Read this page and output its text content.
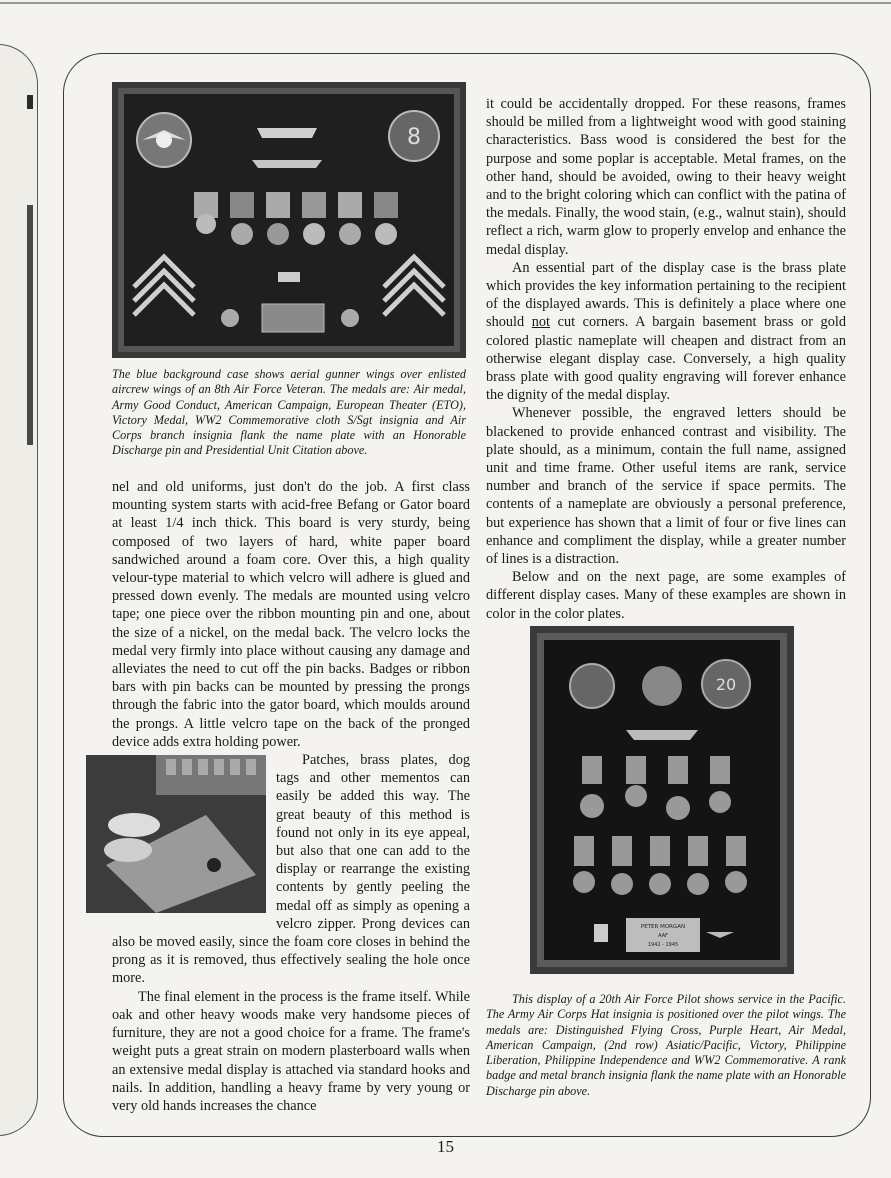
8
The blue background case shows aerial gunner wings over enlisted aircrew wings of an 8th Air Force Veteran. The medals are: Air medal, Army Good Conduct, American Campaign, European Theater (ETO), Victory Medal, WW2 Commemorative cloth S/Sgt insignia and Air Corps branch insignia flank the name plate with an Honorable Discharge pin and Presidential Unit Citation above.

nel and old uniforms, just don't do the job. A first class mounting system starts with acid-free Befang or Gator board at least 1/4 inch thick. This board is very sturdy, being composed of two layers of hard, white paper board sandwiched around a foam core. Over this, a high quality velour-type material to which velcro will adhere is glued and pressed down evenly. The medals are mounted using velcro tape; one piece over the ribbon mounting pin and one, about the size of a nickel, on the medal back. The velcro locks the medal very firmly into place without causing any damage and alleviates the need to cut off the pin backs. Badges or ribbon bars with pin backs can be mounted by pressing the prongs through the fabric into the gator board, which moulds around the prongs. A little velcro tape on the back of the pronged device adds extra holding power.

Patches, brass plates, dog tags and other mementos can easily be added this way. The great beauty of this method is found not only in its eye appeal, but also that one can add to the display or rearrange the existing contents by gently peeling the medal off as simply as opening a velcro zipper. Prong devices can also be moved easily, since the foam core closes in behind the prong as it is removed, thus effectively sealing the hole once more.

The final element in the process is the frame itself. While oak and other heavy woods make very handsome pieces of furniture, they are not a good choice for a frame. The frame's weight puts a great strain on modern plasterboard walls when an extensive medal display is attached via standard hooks and nails. In addition, handling a heavy frame by very young or very old hands increases the chance

it could be accidentally dropped. For these reasons, frames should be milled from a lightweight wood with good staining characteristics. Bass wood is considered the best for the purpose and some poplar is acceptable. Metal frames, on the other hand, should be avoided, owing to their heavy weight and to the bright coloring which can conflict with the patina of the medals. Finally, the wood stain, (e.g., walnut stain), should reflect a rich, warm glow to properly envelop and enhance the medal display.

An essential part of the display case is the brass plate which provides the key information pertaining to the recipient of the displayed awards. This is definitely a place where one should not cut corners. A bargain basement brass or gold colored plastic nameplate will cheapen and distract from an otherwise elegant display case. Conversely, a high quality brass plate with good quality engraving will forever enhance the dignity of the medal display.

Whenever possible, the engraved letters should be blackened to provide enhanced contrast and visibility. The plate should, as a minimum, contain the full name, assigned unit and time frame. Other useful items are rank, service number and branch of the service if space permits. The contents of a nameplate are obviously a personal preference, but experience has shown that a limit of four or five lines can enhance and compliment the display, while a greater number of lines is a distraction.

Below and on the next page, are some examples of different display cases. Many of these examples are shown in color in the color plates.

20
PETER MORGAN
AAF
1942 - 1945
This display of a 20th Air Force Pilot shows service in the Pacific. The Army Air Corps Hat insignia is positioned over the pilot wings. The medals are: Distinguished Flying Cross, Purple Heart, Air Medal, American Campaign, (2nd row) Asiatic/Pacific, Victory, Philippine Liberation, Philippine Independence and WW2 Commemorative. A rank badge and metal branch insignia flank the name plate with an Honorable Discharge pin above.
15
